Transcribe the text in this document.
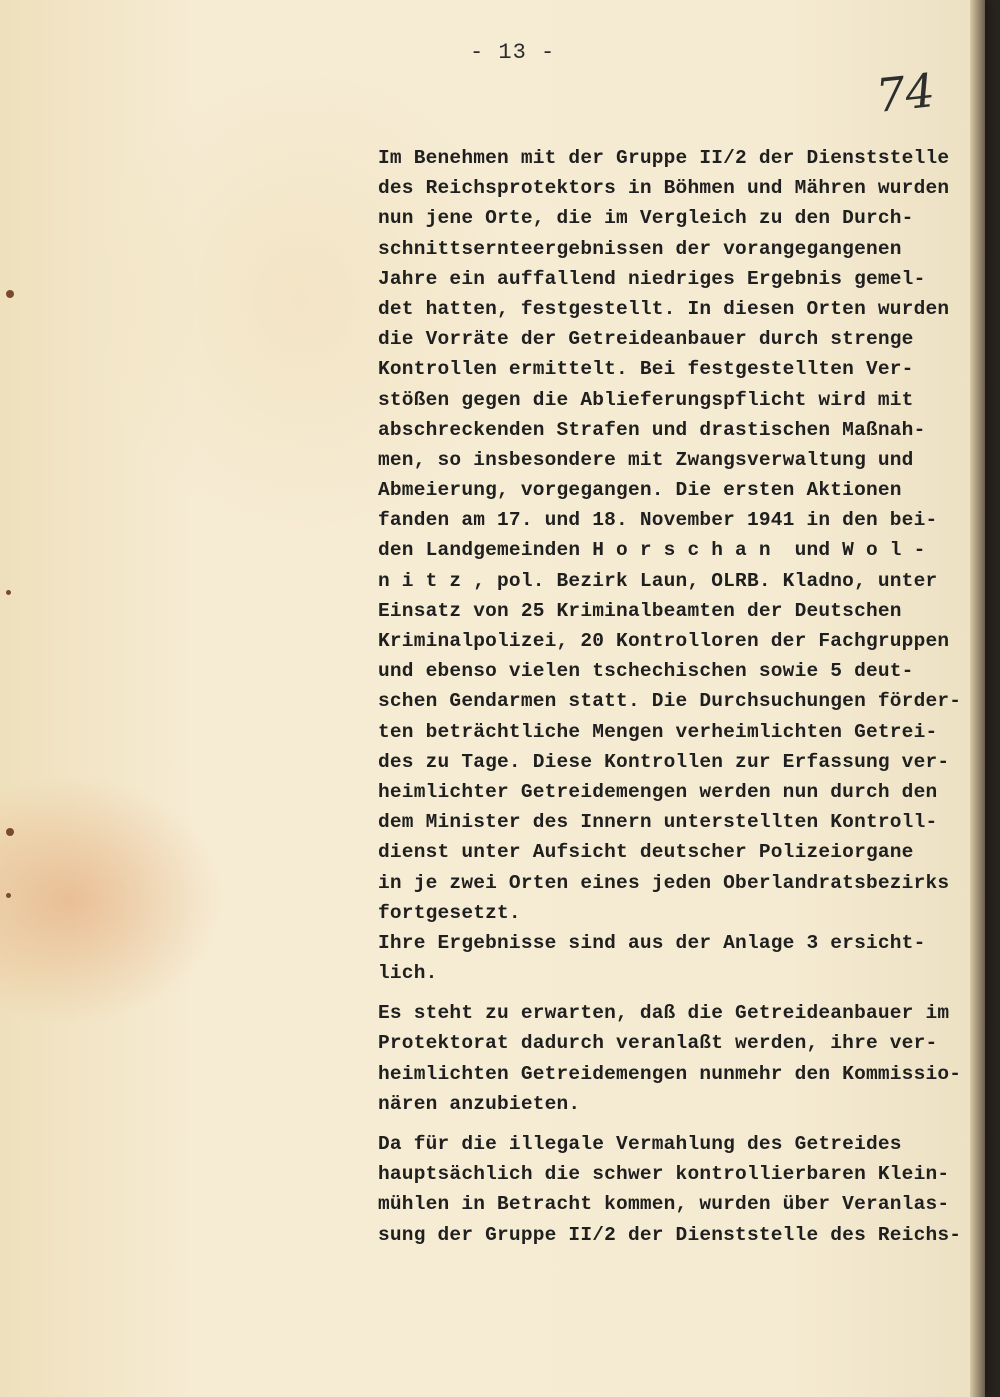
- 13 -
74
Im Benehmen mit der Gruppe II/2 der Dienststelle
des Reichsprotektors in Böhmen und Mähren wurden
nun jene Orte, die im Vergleich zu den Durch-
schnittsernteergebnissen der vorangegangenen
Jahre ein auffallend niedriges Ergebnis gemel-
det hatten, festgestellt. In diesen Orten wurden
die Vorräte der Getreideanbauer durch strenge
Kontrollen ermittelt. Bei festgestellten Ver-
stößen gegen die Ablieferungspflicht wird mit
abschreckenden Strafen und drastischen Maßnah-
men, so insbesondere mit Zwangsverwaltung und
Abmeierung, vorgegangen. Die ersten Aktionen
fanden am 17. und 18. November 1941 in den bei-
den Landgemeinden H o r s c h a n  und W o l -
n i t z , pol. Bezirk Laun, OLRB. Kladno, unter
Einsatz von 25 Kriminalbeamten der Deutschen
Kriminalpolizei, 20 Kontrolloren der Fachgruppen
und ebenso vielen tschechischen sowie 5 deut-
schen Gendarmen statt. Die Durchsuchungen förder-
ten beträchtliche Mengen verheimlichten Getrei-
des zu Tage. Diese Kontrollen zur Erfassung ver-
heimlichter Getreidemengen werden nun durch den
dem Minister des Innern unterstellten Kontroll-
dienst unter Aufsicht deutscher Polizeiorgane
in je zwei Orten eines jeden Oberlandratsbezirks
fortgesetzt.
Ihre Ergebnisse sind aus der Anlage 3 ersicht-
lich.
Es steht zu erwarten, daß die Getreideanbauer im
Protektorat dadurch veranlaßt werden, ihre ver-
heimlichten Getreidemengen nunmehr den Kommissio-
nären anzubieten.
Da für die illegale Vermahlung des Getreides
hauptsächlich die schwer kontrollierbaren Klein-
mühlen in Betracht kommen, wurden über Veranlas-
sung der Gruppe II/2 der Dienststelle des Reichs-
